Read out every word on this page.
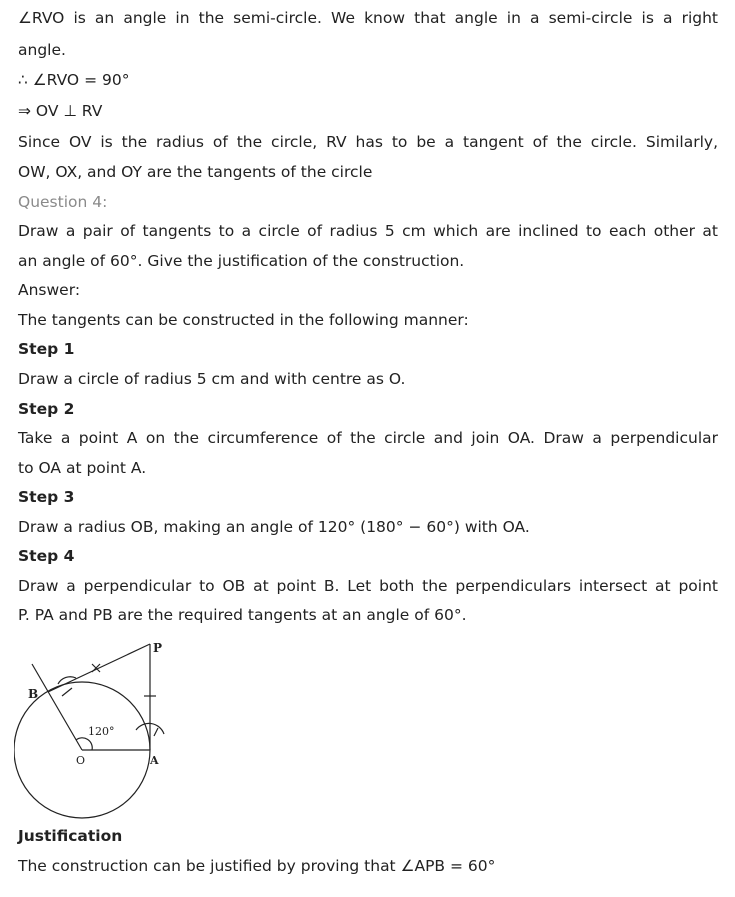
∠RVO is an angle in the semi-circle. We know that angle in a semi-circle is a right
angle.
∴ ∠RVO = 90°
⇒ OV ⊥ RV
Since OV is the radius of the circle, RV has to be a tangent of the circle. Similarly,
OW, OX, and OY are the tangents of the circle
Question 4:
Draw a pair of tangents to a circle of radius 5 cm which are inclined to each other at
an angle of 60°. Give the justification of the construction.
Answer:
The tangents can be constructed in the following manner:
Step 1
Draw a circle of radius 5 cm and with centre as O.
Step 2
Take a point A on the circumference of the circle and join OA. Draw a perpendicular
to OA at point A.
Step 3
Draw a radius OB, making an angle of 120° (180° − 60°) with OA.
Step 4
Draw a perpendicular to OB at point B. Let both the perpendiculars intersect at point
P. PA and PB are the required tangents at an angle of 60°.
P
B
O	A
120°
Justification
The construction can be justified by proving that ∠APB = 60°
